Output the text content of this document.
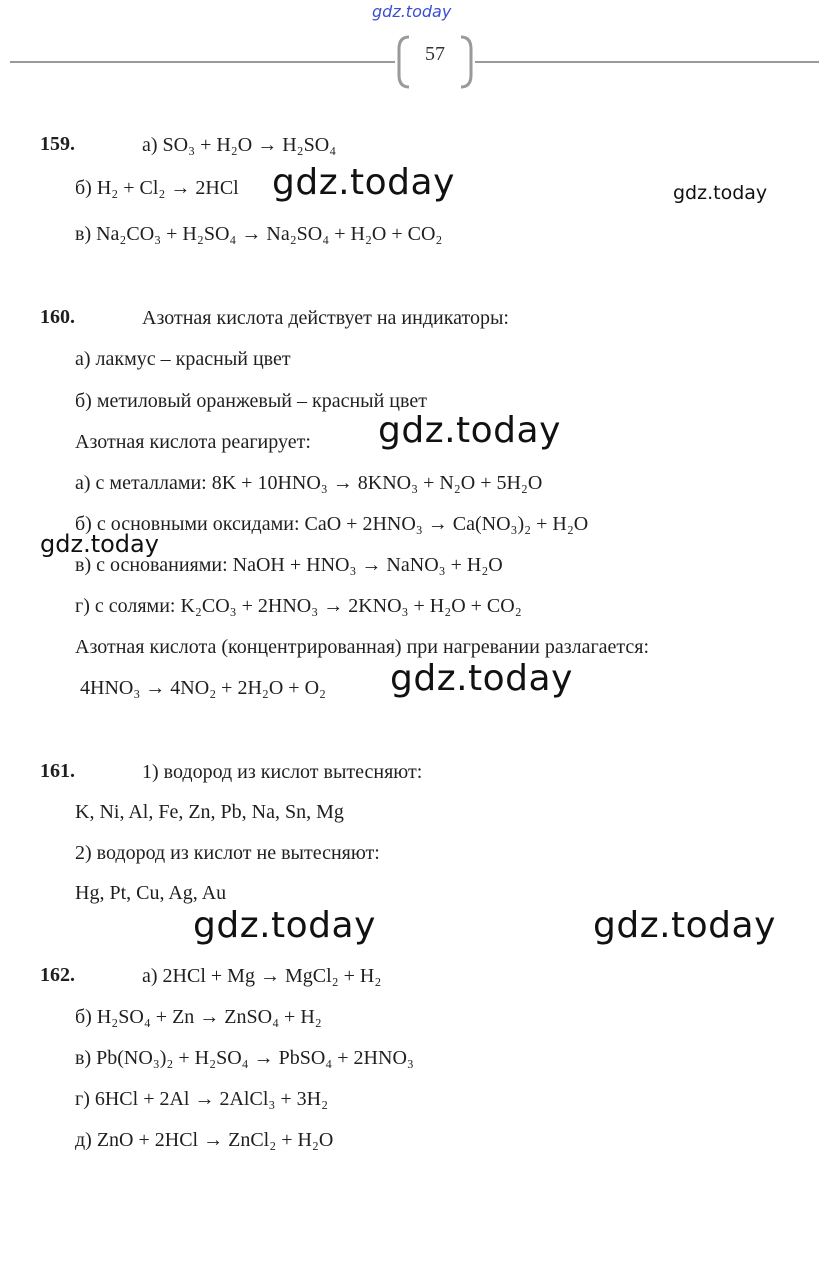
gdz.today
57
159.	а) SO₃ + H₂O → H₂SO₄
б) H₂ + Cl₂ → 2HCl
в) Na₂CO₃ + H₂SO₄ → Na₂SO₄ + H₂O + CO₂
160.	Азотная кислота действует на индикаторы:
а) лакмус – красный цвет
б) метиловый оранжевый – красный цвет
Азотная кислота реагирует:
а) с металлами: 8K + 10HNO₃ → 8KNO₃ + N₂O + 5H₂O
б) с основными оксидами: CaO + 2HNO₃ → Ca(NO₃)₂ + H₂O
в) с основаниями: NaOH + HNO₃ → NaNO₃ + H₂O
г) с солями: K₂CO₃ + 2HNO₃ → 2KNO₃ + H₂O + CO₂
Азотная кислота (концентрированная) при нагревании разлагается:
4HNO₃ → 4NO₂ + 2H₂O + O₂
161.	1) водород из кислот вытесняют:
K, Ni, Al, Fe, Zn, Pb, Na, Sn, Mg
2) водород из кислот не вытесняют:
Hg, Pt, Cu, Ag, Au
162.	а) 2HCl + Mg → MgCl₂ + H₂
б) H₂SO₄ + Zn → ZnSO₄ + H₂
в) Pb(NO₃)₂ + H₂SO₄ → PbSO₄ + 2HNO₃
г) 6HCl + 2Al → 2AlCl₃ + 3H₂
д) ZnO + 2HCl → ZnCl₂ + H₂O
gdz.today	gdz.today
gdz.today
gdz.today
gdz.today
gdz.today	gdz.today
